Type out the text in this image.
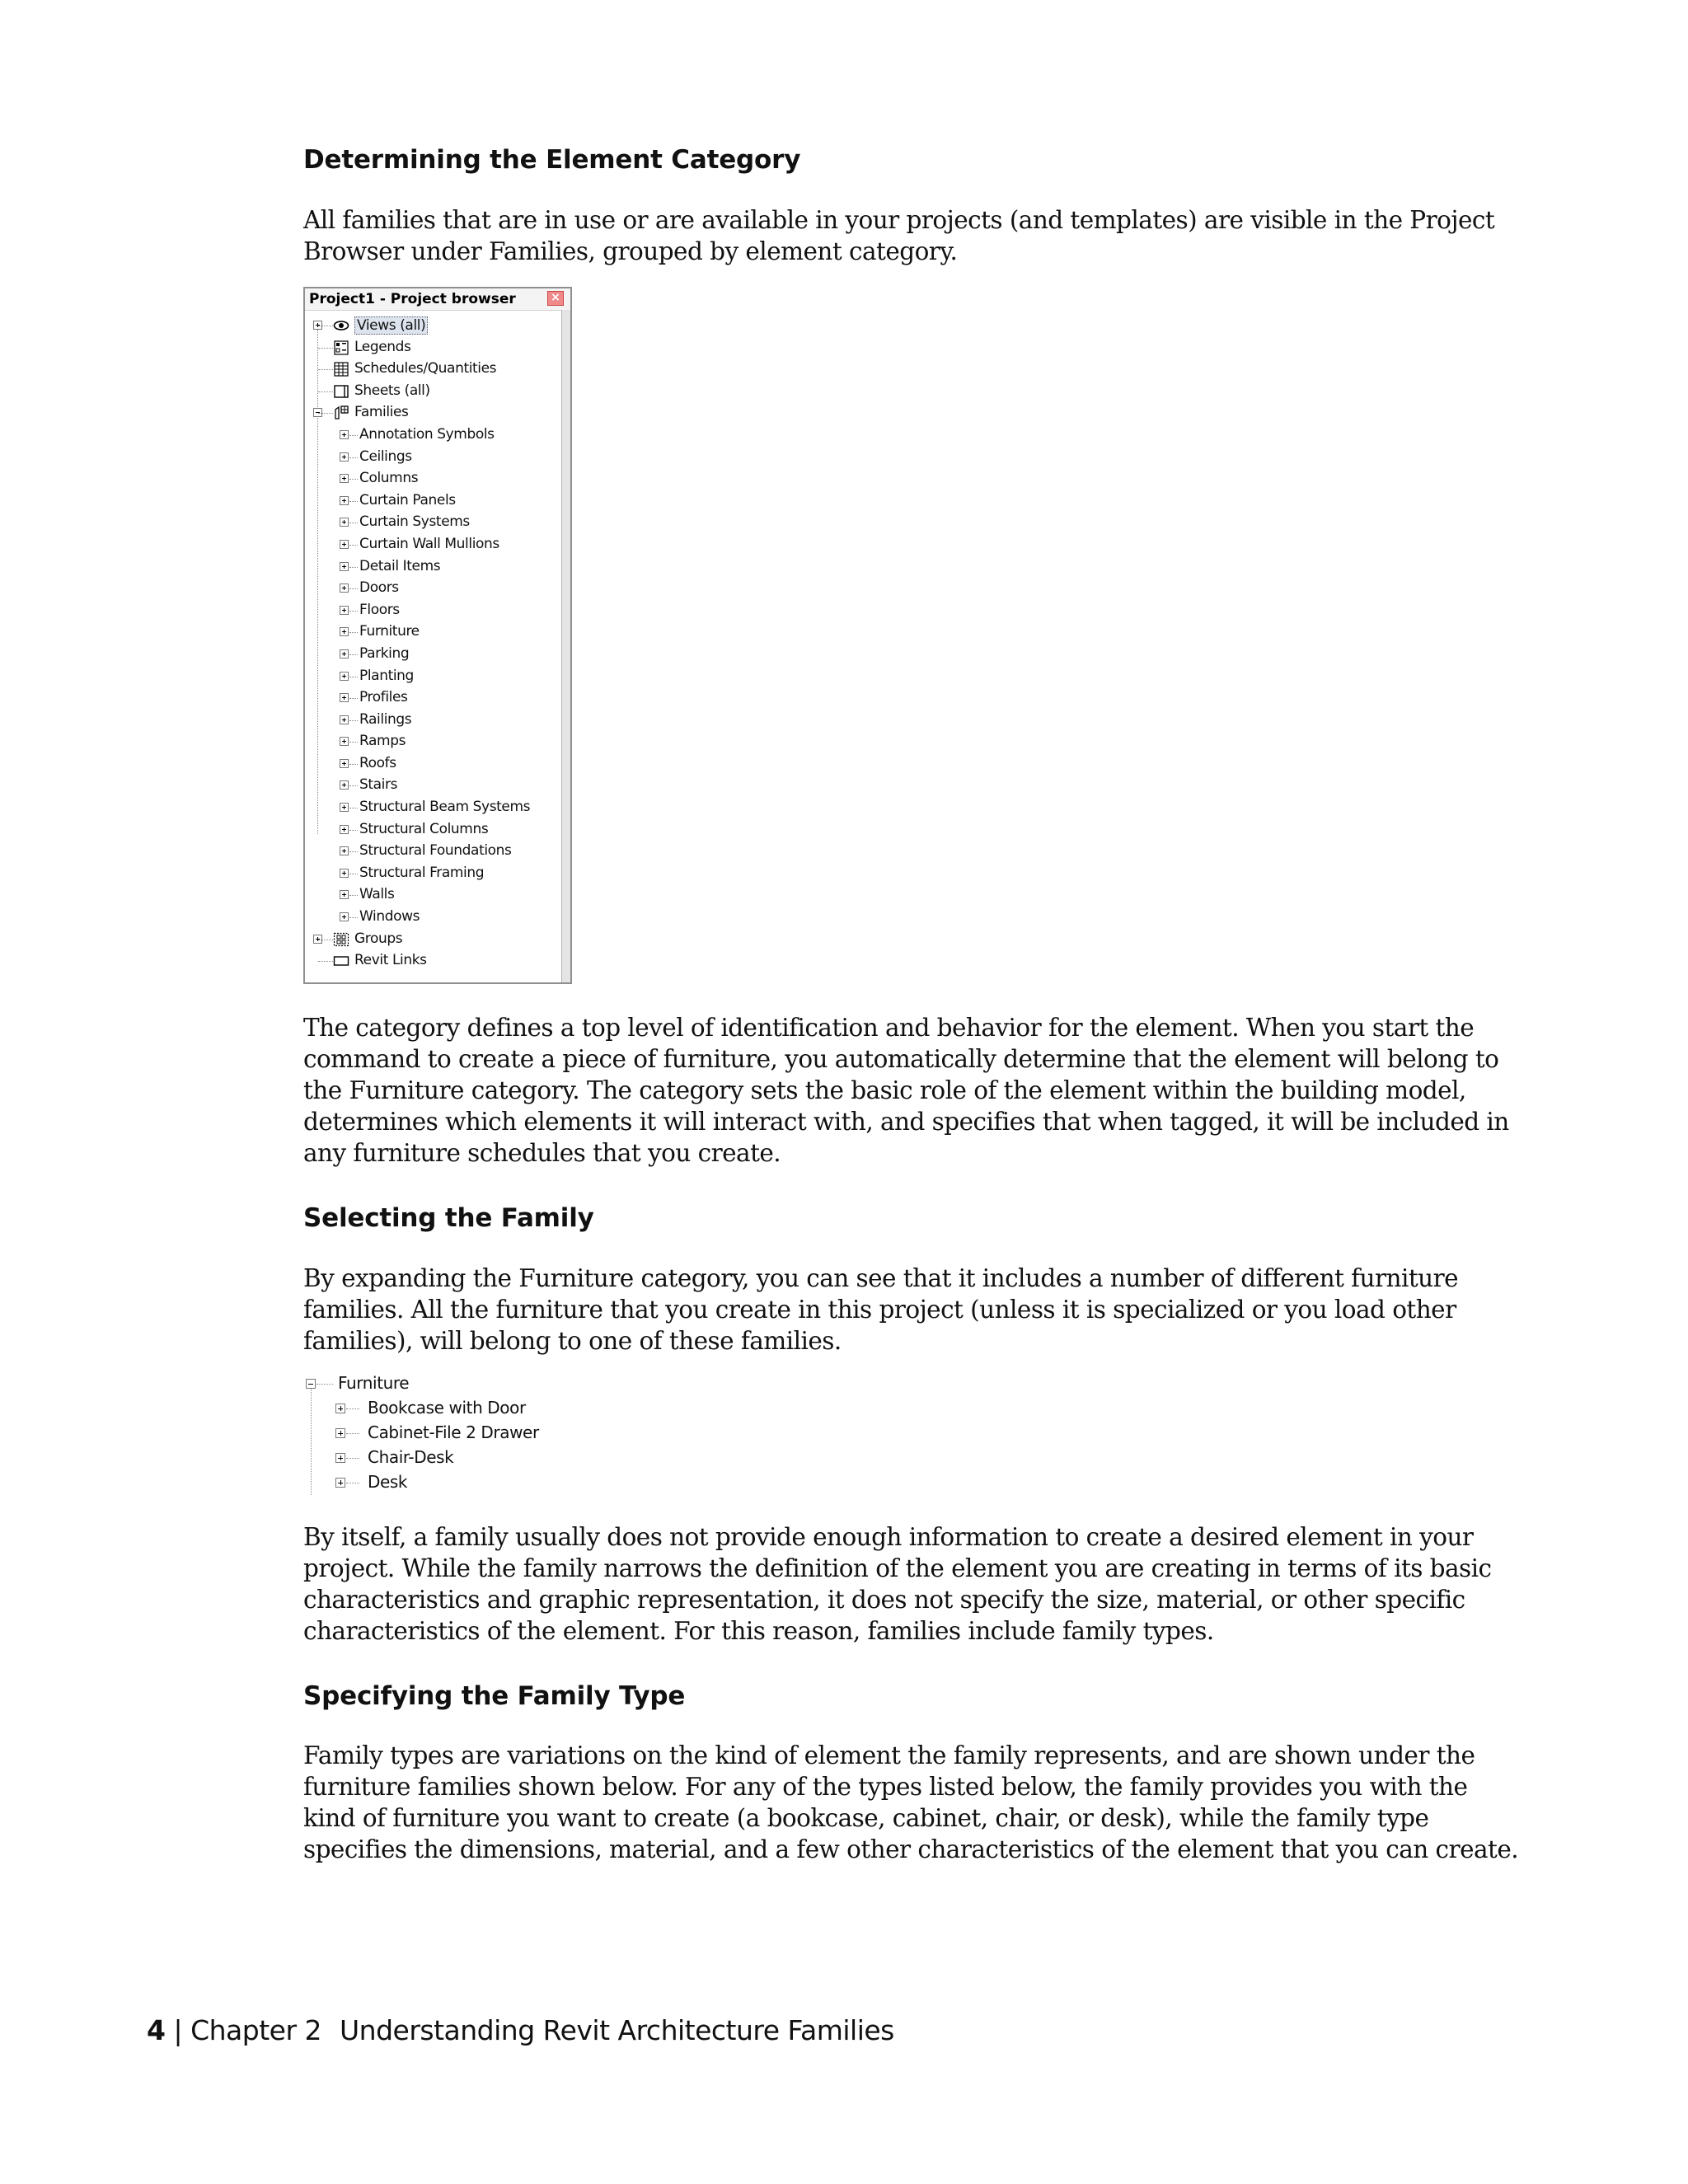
Determining the Element Category

All families that are in use or are available in your projects (and templates) are visible in the Project Browser under Families, grouped by element category.

Project1 - Project browser	×
Views (all)
Legends
Schedules/Quantities
Sheets (all)
Families
Annotation Symbols
Ceilings
Columns
Curtain Panels
Curtain Systems
Curtain Wall Mullions
Detail Items
Doors
Floors
Furniture
Parking
Planting
Profiles
Railings
Ramps
Roofs
Stairs
Structural Beam Systems
Structural Columns
Structural Foundations
Structural Framing
Walls
Windows
Groups
Revit Links

The category defines a top level of identification and behavior for the element. When you start the command to create a piece of furniture, you automatically determine that the element will belong to the Furniture category. The category sets the basic role of the element within the building model, determines which elements it will interact with, and specifies that when tagged, it will be included in any furniture schedules that you create.

Selecting the Family

By expanding the Furniture category, you can see that it includes a number of different furniture families. All the furniture that you create in this project (unless it is specialized or you load other families), will belong to one of these families.

Furniture
Bookcase with Door
Cabinet-File 2 Drawer
Chair-Desk
Desk

By itself, a family usually does not provide enough information to create a desired element in your project. While the family narrows the definition of the element you are creating in terms of its basic characteristics and graphic representation, it does not specify the size, material, or other specific characteristics of the element. For this reason, families include family types.

Specifying the Family Type

Family types are variations on the kind of element the family represents, and are shown under the furniture families shown below. For any of the types listed below, the family provides you with the kind of furniture you want to create (a bookcase, cabinet, chair, or desk), while the family type specifies the dimensions, material, and a few other characteristics of the element that you can create.

4 | Chapter 2 Understanding Revit Architecture Families
